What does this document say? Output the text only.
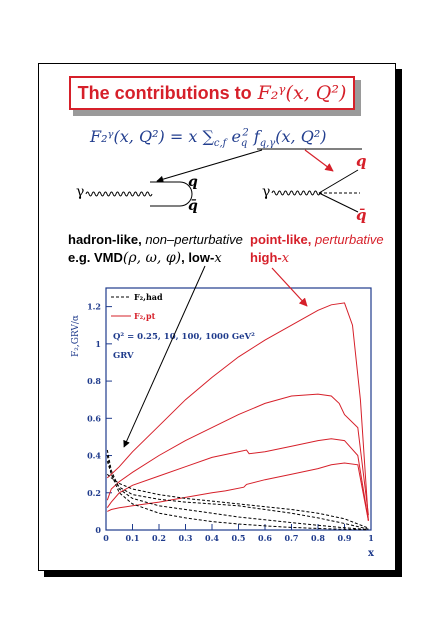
The contributions to F₂ᵞ(x, Q²)
F₂ᵞ(x, Q²) = x $\sum_{c,f}$ $e_q^2$ $f_{q,\gamma}(x$, Q²)
γ
q
q̄
γ
q
q̄
hadron-like, non–perturbative
e.g. VMD(ρ, ω, φ), low-x
point-like, perturbative
high-x
0 0.1 0.2 0.3 0.4 0.5 0.6 0.7 0.8 0.9 1
0
0.2
0.4
0.6
0.8
1
1.2
F₂,​GRV/α
x
F₂,had
F₂,pt
Q² = 0.25, 10, 100, 1000 GeV²
GRV
